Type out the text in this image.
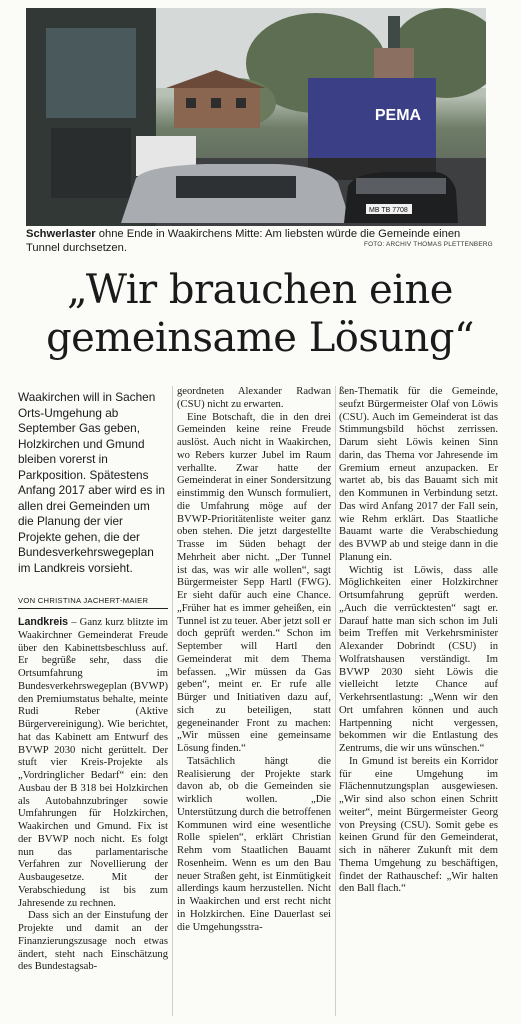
PEMA
MB TB 7708
Schwerlaster ohne Ende in Waakirchens Mitte: Am liebsten würde die Gemeinde einen Tunnel durchsetzen.	FOTO: ARCHIV THOMAS PLETTENBERG
„Wir brauchen eine
gemeinsame Lösung“
Waakirchen will in Sachen Orts-Umgehung ab September Gas geben, Holzkirchen und Gmund bleiben vorerst in Parkposition. Spätestens Anfang 2017 aber wird es in allen drei Gemeinden um die Planung der vier Projekte gehen, die der Bundesverkehrswegeplan im Landkreis vorsieht.
VON CHRISTINA JACHERT-MAIER

Landkreis – Ganz kurz blitzte im Waakirchner Gemeinderat Freude über den Kabinettsbeschluss auf. Er begrüße sehr, dass die Ortsumfahrung im Bundesverkehrswegeplan (BVWP) den Premiumstatus behalte, meinte Rudi Reber (Aktive Bürgervereinigung). Wie berichtet, hat das Kabinett am Entwurf des BVWP 2030 nicht gerüttelt. Der stuft vier Kreis-Projekte als „Vordringlicher Bedarf“ ein: den Ausbau der B 318 bei Holzkirchen als Autobahnzubringer sowie Umfahrungen für Holzkirchen, Waakirchen und Gmund. Fix ist der BVWP noch nicht. Es folgt nun das parlamentarische Verfahren zur Novellierung der Ausbaugesetze. Mit der Verabschiedung ist bis zum Jahresende zu rechnen.

Dass sich an der Einstufung der Projekte und damit an der Finanzierungszusage noch etwas ändert, steht nach Einschätzung des Bundestagsab-

geordneten Alexander Radwan (CSU) nicht zu erwarten.

Eine Botschaft, die in den drei Gemeinden keine reine Freude auslöst. Auch nicht in Waakirchen, wo Rebers kurzer Jubel im Raum verhallte. Zwar hatte der Gemeinderat in einer Sondersitzung einstimmig den Wunsch formuliert, die Umfahrung möge auf der BVWP-Prioritätenliste weiter ganz oben stehen. Die jetzt dargestellte Trasse im Süden behagt der Mehrheit aber nicht. „Der Tunnel ist das, was wir alle wollen“, sagt Bürgermeister Sepp Hartl (FWG). Er sieht dafür auch eine Chance. „Früher hat es immer geheißen, ein Tunnel ist zu teuer. Aber jetzt soll er doch geprüft werden.“ Schon im September will Hartl den Gemeinderat mit dem Thema befassen. „Wir müssen da Gas geben“, meint er. Er rufe alle Bürger und Initiativen dazu auf, sich zu beteiligen, statt gegeneinander Front zu machen: „Wir müssen eine gemeinsame Lösung finden.“

Tatsächlich hängt die Realisierung der Projekte stark davon ab, ob die Gemeinden sie wirklich wollen. „Die Unterstützung durch die betroffenen Kommunen wird eine wesentliche Rolle spielen“, erklärt Christian Rehm vom Staatlichen Bauamt Rosenheim. Wenn es um den Bau neuer Straßen geht, ist Einmütigkeit allerdings kaum herzustellen. Nicht in Waakirchen und erst recht nicht in Holzkirchen. Eine Dauerlast sei die Umgehungsstra-

ßen-Thematik für die Gemeinde, seufzt Bürgermeister Olaf von Löwis (CSU). Auch im Gemeinderat ist das Stimmungsbild höchst zerrissen. Darum sieht Löwis keinen Sinn darin, das Thema vor Jahresende im Gremium erneut anzupacken. Er wartet ab, bis das Bauamt sich mit den Kommunen in Verbindung setzt. Das wird Anfang 2017 der Fall sein, wie Rehm erklärt. Das Staatliche Bauamt warte die Verabschiedung des BVWP ab und steige dann in die Planung ein.

Wichtig ist Löwis, dass alle Möglichkeiten einer Holzkirchner Ortsumfahrung geprüft werden. „Auch die verrücktesten“ sagt er. Darauf hatte man sich schon im Juli beim Treffen mit Verkehrsminister Alexander Dobrindt (CSU) in Wolfratshausen verständigt. Im BVWP 2030 sieht Löwis die vielleicht letzte Chance auf Verkehrsentlastung: „Wenn wir den Ort umfahren können und auch Hartpenning nicht vergessen, bekommen wir die Entlastung des Zentrums, die wir uns wünschen.“

In Gmund ist bereits ein Korridor für eine Umgehung im Flächennutzungsplan ausgewiesen. „Wir sind also schon einen Schritt weiter“, meint Bürgermeister Georg von Preysing (CSU). Somit gebe es keinen Grund für den Gemeinderat, sich in näherer Zukunft mit dem Thema Umgehung zu beschäftigen, findet der Rathauschef: „Wir halten den Ball flach.“
